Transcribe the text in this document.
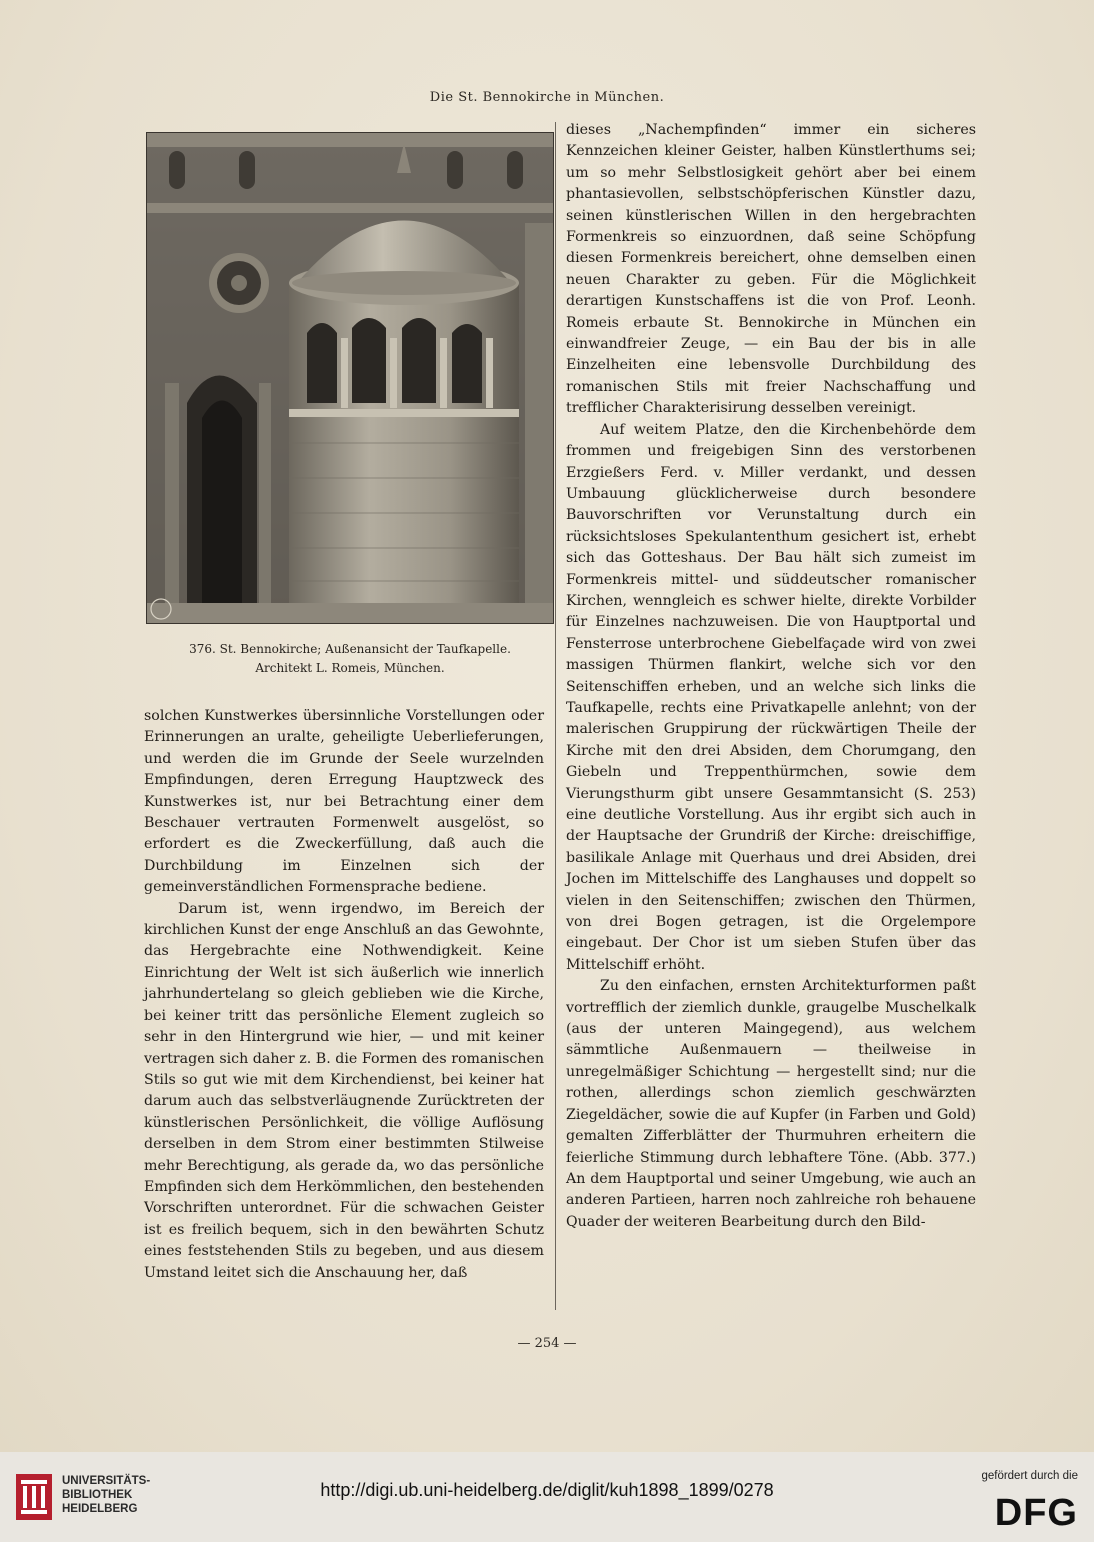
Die St. Bennokirche in München.
376. St. Bennokirche; Außenansicht der Taufkapelle.
Architekt L. Romeis, München.

solchen Kunstwerkes übersinnliche Vorstellungen oder Erinnerungen an uralte, geheiligte Ueberlieferungen, und werden die im Grunde der Seele wurzelnden Empfindungen, deren Erregung Hauptzweck des Kunstwerkes ist, nur bei Betrachtung einer dem Beschauer vertrauten Formenwelt ausgelöst, so erfordert es die Zweckerfüllung, daß auch die Durchbildung im Einzelnen sich der gemeinverständlichen Formensprache bediene.

Darum ist, wenn irgendwo, im Bereich der kirchlichen Kunst der enge Anschluß an das Gewohnte, das Hergebrachte eine Nothwendigkeit. Keine Einrichtung der Welt ist sich äußerlich wie innerlich jahrhundertelang so gleich geblieben wie die Kirche, bei keiner tritt das persönliche Element zugleich so sehr in den Hintergrund wie hier, — und mit keiner vertragen sich daher z. B. die Formen des romanischen Stils so gut wie mit dem Kirchendienst, bei keiner hat darum auch das selbstverläugnende Zurücktreten der künstlerischen Persönlichkeit, die völlige Auflösung derselben in dem Strom einer bestimmten Stilweise mehr Berechtigung, als gerade da, wo das persönliche Empfinden sich dem Herkömmlichen, den bestehenden Vorschriften unterordnet. Für die schwachen Geister ist es freilich bequem, sich in den bewährten Schutz eines feststehenden Stils zu begeben, und aus diesem Umstand leitet sich die Anschauung her, daß

dieses „Nachempfinden“ immer ein sicheres Kennzeichen kleiner Geister, halben Künstlerthums sei; um so mehr Selbstlosigkeit gehört aber bei einem phantasievollen, selbstschöpferischen Künstler dazu, seinen künstlerischen Willen in den hergebrachten Formenkreis so einzuordnen, daß seine Schöpfung diesen Formenkreis bereichert, ohne demselben einen neuen Charakter zu geben. Für die Möglichkeit derartigen Kunstschaffens ist die von Prof. Leonh. Romeis erbaute St. Bennokirche in München ein einwandfreier Zeuge, — ein Bau der bis in alle Einzelheiten eine lebensvolle Durchbildung des romanischen Stils mit freier Nachschaffung und trefflicher Charakterisirung desselben vereinigt.

Auf weitem Platze, den die Kirchenbehörde dem frommen und freigebigen Sinn des verstorbenen Erzgießers Ferd. v. Miller verdankt, und dessen Umbauung glücklicherweise durch besondere Bauvorschriften vor Verunstaltung durch ein rücksichtsloses Spekulantenthum gesichert ist, erhebt sich das Gotteshaus. Der Bau hält sich zumeist im Formenkreis mittel- und süddeutscher romanischer Kirchen, wenngleich es schwer hielte, direkte Vorbilder für Einzelnes nachzuweisen. Die von Hauptportal und Fensterrose unterbrochene Giebelfaçade wird von zwei massigen Thürmen flankirt, welche sich vor den Seitenschiffen erheben, und an welche sich links die Taufkapelle, rechts eine Privatkapelle anlehnt; von der malerischen Gruppirung der rückwärtigen Theile der Kirche mit den drei Absiden, dem Chorumgang, den Giebeln und Treppenthürmchen, sowie dem Vierungsthurm gibt unsere Gesammtansicht (S. 253) eine deutliche Vorstellung. Aus ihr ergibt sich auch in der Hauptsache der Grundriß der Kirche: dreischiffige, basilikale Anlage mit Querhaus und drei Absiden, drei Jochen im Mittelschiffe des Langhauses und doppelt so vielen in den Seitenschiffen; zwischen den Thürmen, von drei Bogen getragen, ist die Orgelempore eingebaut. Der Chor ist um sieben Stufen über das Mittelschiff erhöht.

Zu den einfachen, ernsten Architekturformen paßt vortrefflich der ziemlich dunkle, graugelbe Muschelkalk (aus der unteren Maingegend), aus welchem sämmtliche Außenmauern — theilweise in unregelmäßiger Schichtung — hergestellt sind; nur die rothen, allerdings schon ziemlich geschwärzten Ziegeldächer, sowie die auf Kupfer (in Farben und Gold) gemalten Zifferblätter der Thurmuhren erheitern die feierliche Stimmung durch lebhaftere Töne. (Abb. 377.) An dem Hauptportal und seiner Umgebung, wie auch an anderen Partieen, harren noch zahlreiche roh behauene Quader der weiteren Bearbeitung durch den Bild-

— 254 —
UNIVERSITÄTS-
BIBLIOTHEK
HEIDELBERG
http://digi.ub.uni-heidelberg.de/diglit/kuh1898_1899/0278
gefördert durch die
DFG
